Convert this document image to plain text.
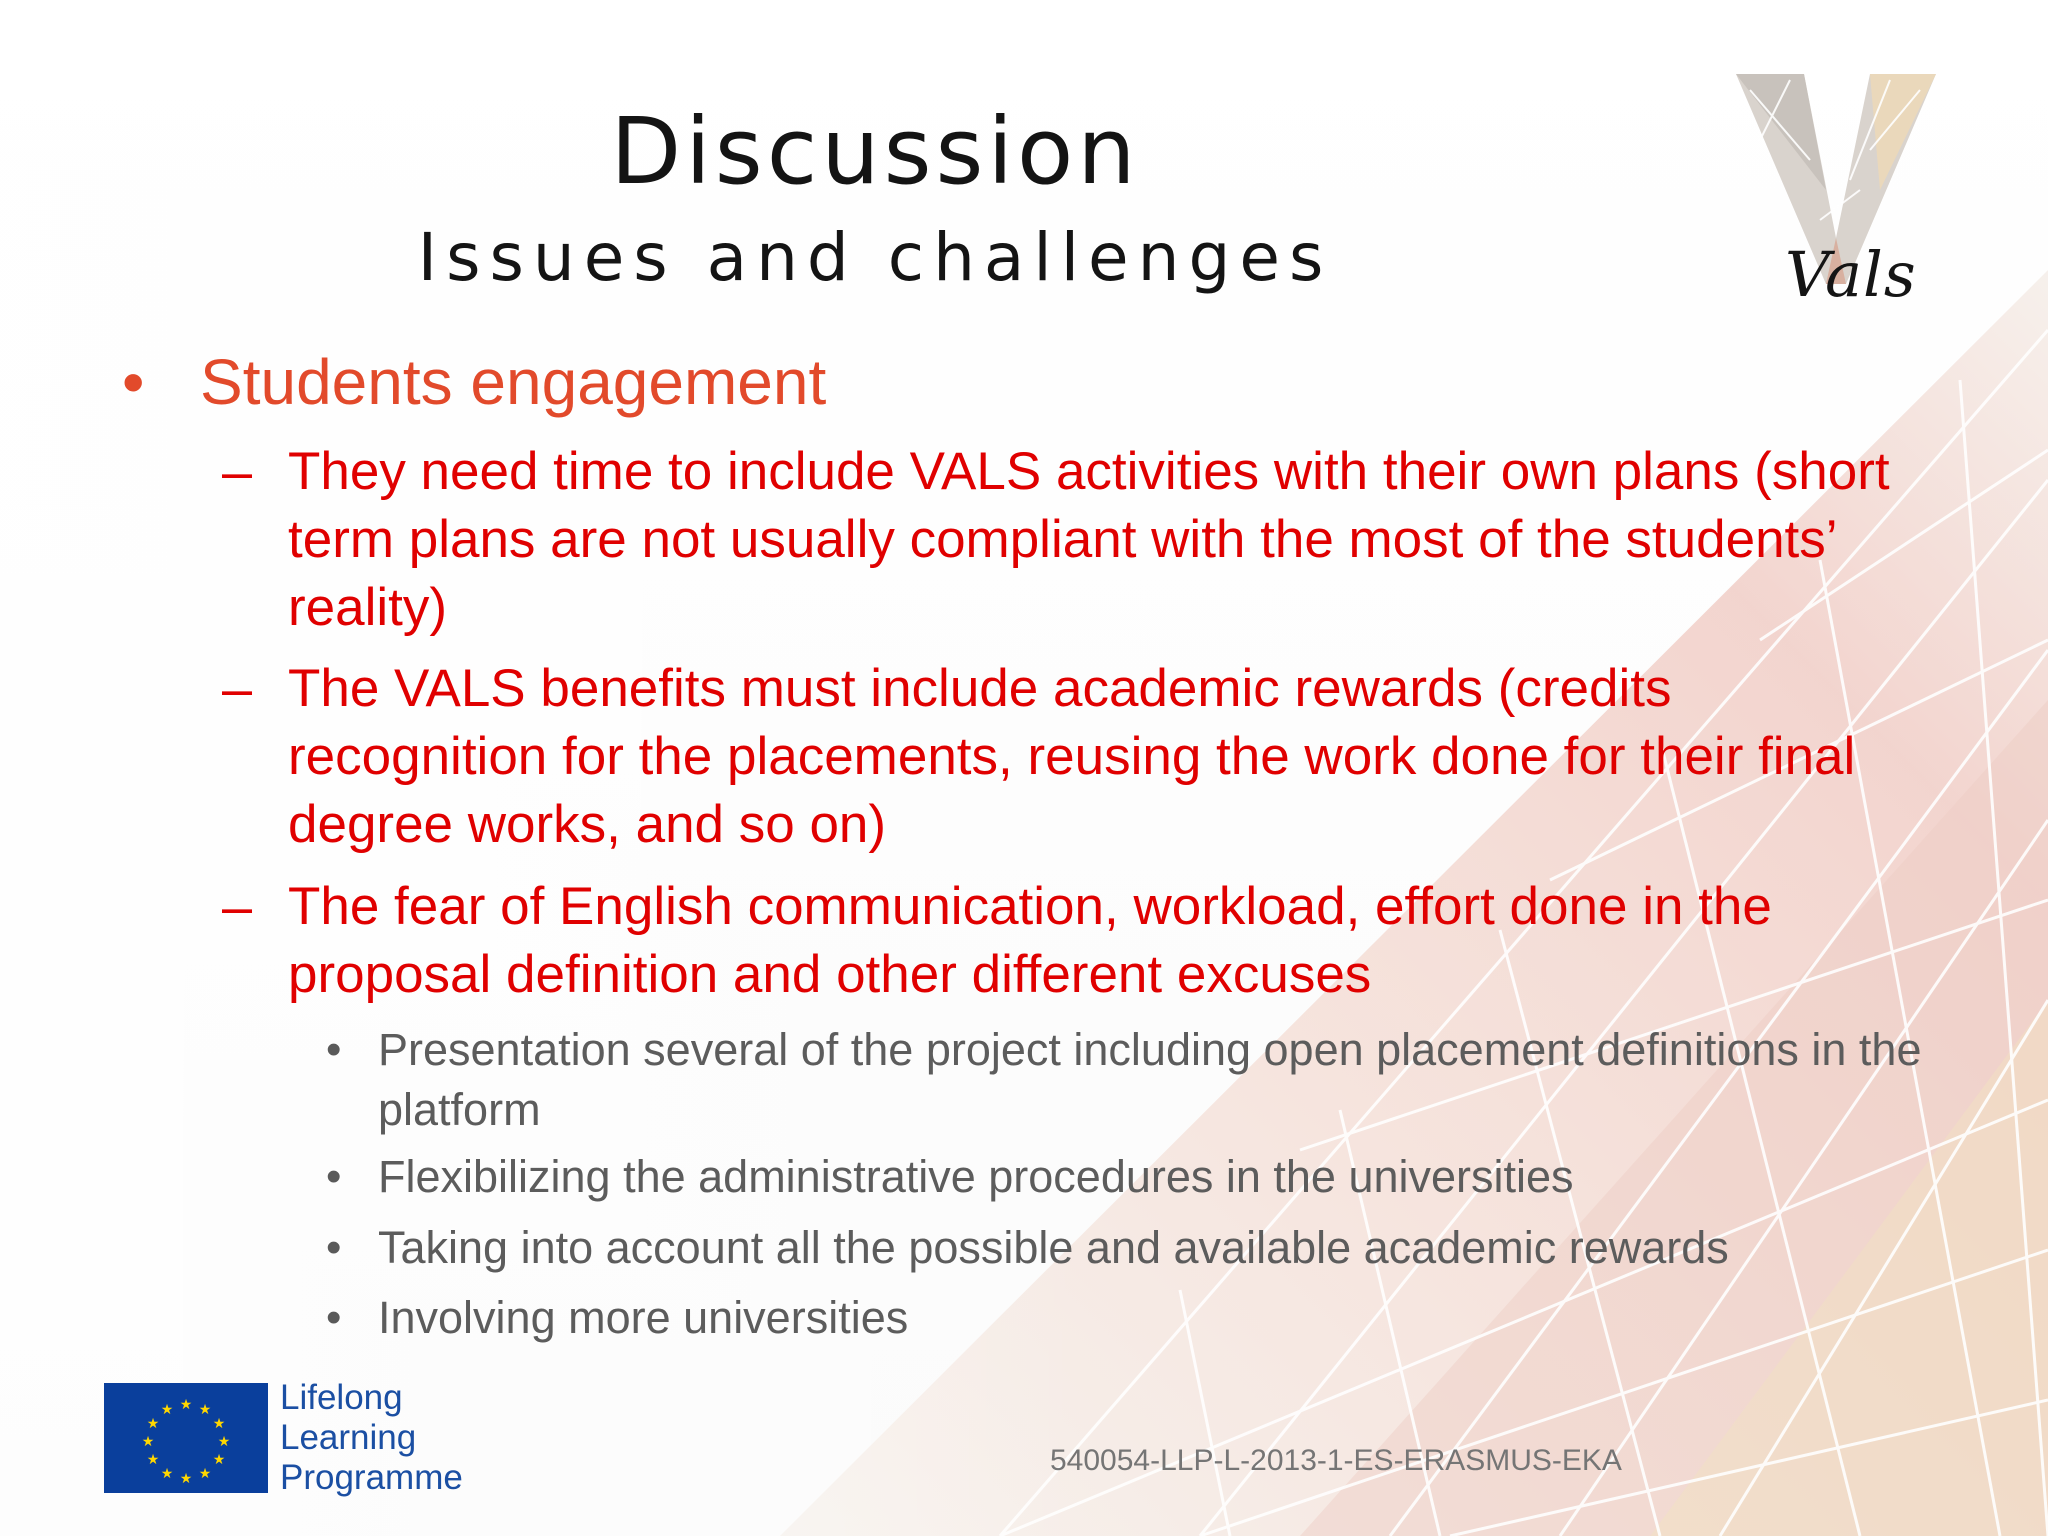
Vals
Discussion
Issues and challenges
• Students engagement

– They need time to include VALS activities with their own plans (short term plans are not usually compliant with the most of the students’ reality)

– The VALS benefits must include academic rewards (credits recognition for the placements, reusing the work done for their final degree works, and so on)

– The fear of English communication, workload, effort done in the proposal definition and other different excuses

• Presentation several of the project including open placement definitions in the platform

• Flexibilizing the administrative procedures in the universities

• Taking into account all the possible and available academic rewards

• Involving more universities

★ ★
★
★
★
★
★
★
★
★
★
★	Lifelong
Learning
Programme	540054-LLP-L-2013-1-ES-ERASMUS-EKA
